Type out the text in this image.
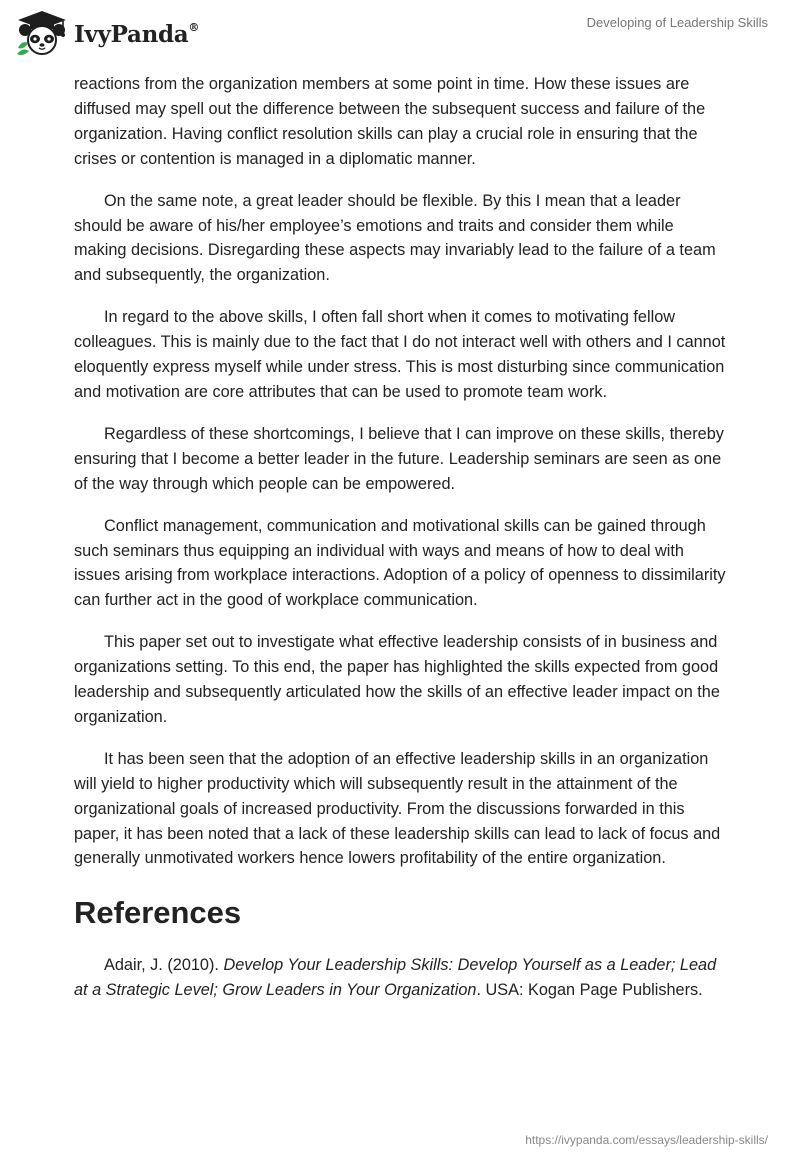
IvyPanda®	Developing of Leadership Skills

reactions from the organization members at some point in time. How these issues are diffused may spell out the difference between the subsequent success and failure of the organization. Having conflict resolution skills can play a crucial role in ensuring that the crises or contention is managed in a diplomatic manner.

On the same note, a great leader should be flexible. By this I mean that a leader should be aware of his/her employee’s emotions and traits and consider them while making decisions. Disregarding these aspects may invariably lead to the failure of a team and subsequently, the organization.

In regard to the above skills, I often fall short when it comes to motivating fellow colleagues. This is mainly due to the fact that I do not interact well with others and I cannot eloquently express myself while under stress. This is most disturbing since communication and motivation are core attributes that can be used to promote team work.

Regardless of these shortcomings, I believe that I can improve on these skills, thereby ensuring that I become a better leader in the future. Leadership seminars are seen as one of the way through which people can be empowered.

Conflict management, communication and motivational skills can be gained through such seminars thus equipping an individual with ways and means of how to deal with issues arising from workplace interactions. Adoption of a policy of openness to dissimilarity can further act in the good of workplace communication.

This paper set out to investigate what effective leadership consists of in business and organizations setting. To this end, the paper has highlighted the skills expected from good leadership and subsequently articulated how the skills of an effective leader impact on the organization.

It has been seen that the adoption of an effective leadership skills in an organization will yield to higher productivity which will subsequently result in the attainment of the organizational goals of increased productivity. From the discussions forwarded in this paper, it has been noted that a lack of these leadership skills can lead to lack of focus and generally unmotivated workers hence lowers profitability of the entire organization.

References

Adair, J. (2010). Develop Your Leadership Skills: Develop Yourself as a Leader; Lead at a Strategic Level; Grow Leaders in Your Organization. USA: Kogan Page Publishers.

https://ivypanda.com/essays/leadership-skills/
